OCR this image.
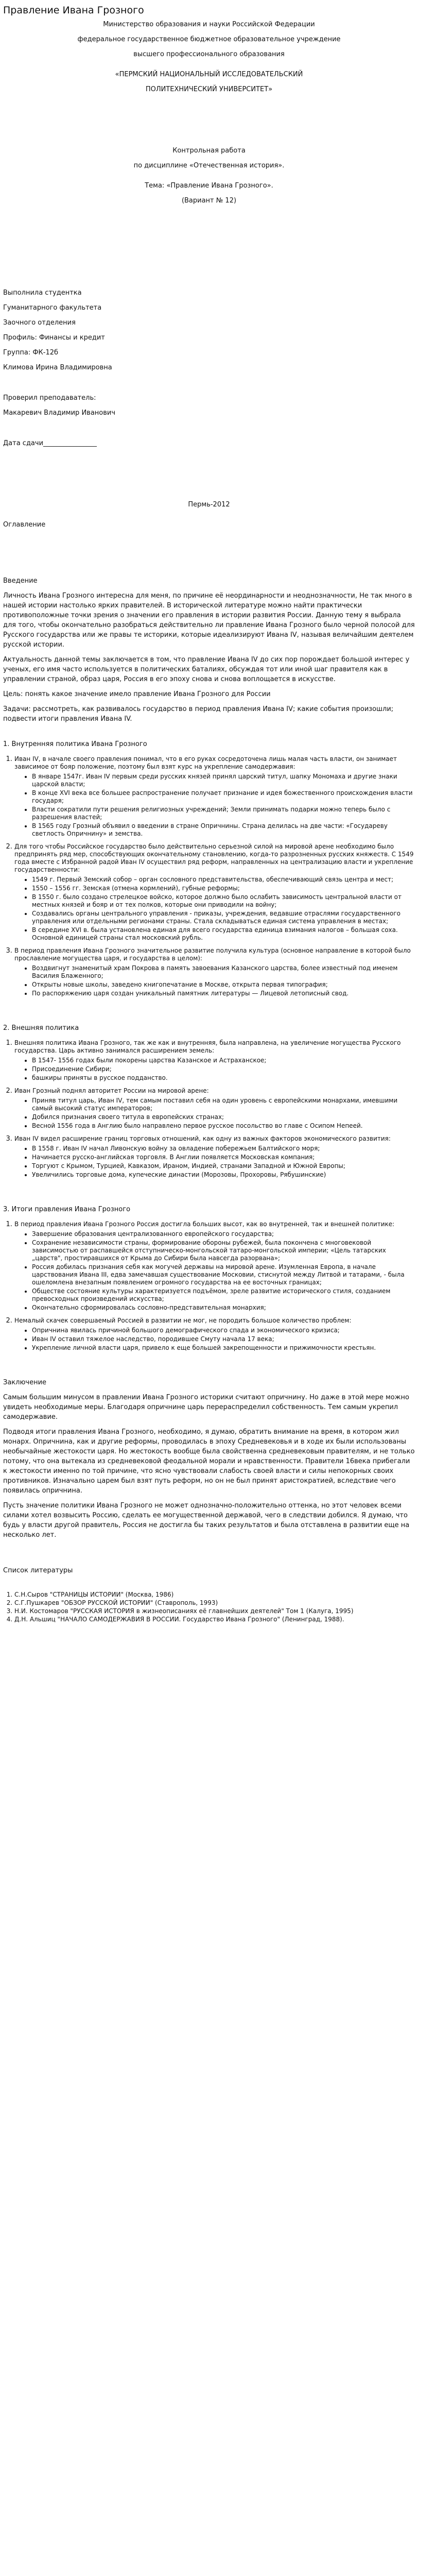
Правление Ивана Грозного
Министерство образования и науки Российской Федерации
федеральное государственное бюджетное образовательное учреждение
высшего профессионального образования
«ПЕРМСКИЙ НАЦИОНАЛЬНЫЙ ИССЛЕДОВАТЕЛЬСКИЙ
ПОЛИТЕХНИЧЕСКИЙ УНИВЕРСИТЕТ»
Контрольная работа
по дисциплине «Отечественная история».
Тема: «Правление Ивана Грозного».
(Вариант № 12)
Выполнила студентка
Гуманитарного факультета
Заочного отделения
Профиль: Финансы и кредит
Группа: ФК-12б
Климова Ирина Владимировна
Проверил преподаватель:
Макаревич Владимир Иванович
Дата сдачи________________
Пермь-2012
Оглавление
Введение

Личность Ивана Грозного интересна для меня, по причине её неординарности и неоднозначности, Не так много в нашей истории настолько ярких правителей. В исторической литературе можно найти практически противоположные точки зрения о значении его правления в истории развития России. Данную тему я выбрала для того, чтобы окончательно разобраться действительно ли правление Ивана Грозного было черной полосой для Русского государства или же правы те историки, которые идеализируют Ивана IV, называя величайшим деятелем русской истории.

Актуальность данной темы заключается в том, что правление Ивана IV до сих пор порождает большой интерес у ученых, его имя часто используется в политических баталиях, обсуждая тот или иной шаг правителя как в управлении страной, образ царя, Россия в его эпоху снова и снова воплощается в искусстве.

Цель: понять какое значение имело правление Ивана Грозного для России

Задачи: рассмотреть, как развивалось государство в период правления Ивана IV; какие события произошли; подвести итоги правления Ивана IV.

1. Внутренняя политика Ивана Грозного
1. Иван IV, в начале своего правления понимал, что в его руках сосредоточена лишь малая часть власти, он занимает зависимое от бояр положение, поэтому был взят курс на укрепление самодержавия:
• В январе 1547г. Иван IV первым среди русских князей принял царский титул, шапку Мономаха и другие знаки царской власти;
• В конце XVI века все большее распространение получает признание и идея божественного происхождения власти государя;
• Власти сократили пути решения религиозных учреждений; Земли принимать подарки можно теперь было с разрешения властей;
• В 1565 году Грозный объявил о введении в стране Опричнины. Страна делилась на две части: «Государеву светлость Опричнину» и земства.
2. Для того чтобы Российское государство было действительно серьезной силой на мировой арене необходимо было предпринять ряд мер, способствующих окончательному становлению, когда-то разрозненных русских княжеств. С 1549 года вместе с Избранной радой Иван IV осуществил ряд реформ, направленных на централизацию власти и укрепление государственности:
• 1549 г. Первый Земский собор – орган сословного представительства, обеспечивающий связь центра и мест;
• 1550 – 1556 гг. Земская (отмена кормлений), губные реформы;
• В 1550 г. было создано стрелецкое войско, которое должно было ослабить зависимость центральной власти от местных князей и бояр и от тех полков, которые они приводили на войну;
• Создавались органы центрального управления - приказы, учреждения, ведавшие отраслями государственного управления или отдельными регионами страны. Стала складываться единая система управления в местах;
• В середине XVI в. была установлена единая для всего государства единица взимания налогов – большая соха. Основной единицей страны стал московский рубль.
3. В период правления Ивана Грозного значительное развитие получила культура (основное направление в которой было прославление могущества царя, и государства в целом):
• Воздвигнут знаменитый храм Покрова в память завоевания Казанского царства, более известный под именем Василия Блаженного;
• Открыты новые школы, заведено книгопечатание в Москве, открыта первая типография;
• По распоряжению царя создан уникальный памятник литературы — Лицевой летописный свод.
2. Внешняя политика
1. Внешняя политика Ивана Грозного, так же как и внутренняя, была направлена, на увеличение могущества Русского государства. Царь активно занимался расширением земель:
• В 1547- 1556 годах были покорены царства Казанское и Астраханское;
• Присоединение Сибири;
• башкиры приняты в русское подданство.
2. Иван Грозный поднял авторитет России на мировой арене:
• Приняв титул царь, Иван IV, тем самым поставил себя на один уровень с европейскими монархами, имевшими самый высокий статус императоров;
• Добился признания своего титула в европейских странах;
• Весной 1556 года в Англию было направлено первое русское посольство во главе с Осипом Непеей.
3. Иван IV видел расширение границ торговых отношений, как одну из важных факторов экономического развития:
• В 1558 г. Иван IV начал Ливонскую войну за овладение побережьем Балтийского моря;
• Начинается русско-английская торговля. В Англии появляется Московская компания;
• Торгуют с Крымом, Турцией, Кавказом, Ираном, Индией, странами Западной и Южной Европы;
• Увеличились торговые дома, купеческие династии (Морозовы, Прохоровы, Рябушинские)
3. Итоги правления Ивана Грозного
1. В период правления Ивана Грозного Россия достигла больших высот, как во внутренней, так и внешней политике:
• Завершение образования централизованного европейского государства;
• Сохранение независимости страны, формирование обороны рубежей, была покончена с многовековой зависимостью от распавшейся отступническо-монгольской татаро-монгольской империи; «Цель татарских „царств", простиравшихся от Крыма до Сибири была навсегда разорвана»;
• Россия добилась признания себя как могучей державы на мировой арене. Изумленная Европа, в начале царствования Ивана III, едва замечавшая существование Московии, стиснутой между Литвой и татарами, - была ошеломлена внезапным появлением огромного государства на ее восточных границах;
• Обществе состояние культуры характеризуется подъёмом, зреле развитие исторического стиля, созданием превосходных произведений искусства;
• Окончательно сформировалась сословно-представительная монархия;
2. Немалый скачек совершаемый Россией в развитии не мог, не породить большое количество проблем:
• Опричнина явилась причиной большого демографического спада и экономического кризиса;
• Иван IV оставил тяжелое наследство, породившее Смуту начала 17 века;
• Укрепление личной власти царя, привело к еще большей закрепощенности и прижимочности крестьян.
Заключение

Самым большим минусом в правлении Ивана Грозного историки считают опричнину. Но даже в этой мере можно увидеть необходимые меры. Благодаря опричнине царь перераспределил собственность. Тем самым укрепил самодержавие.

Подводя итоги правления Ивана Грозного, необходимо, я думаю, обратить внимание на время, в котором жил монарх. Опричнина, как и другие реформы, проводилась в эпоху Средневековья и в ходе их были использованы необычайные жестокости царя. Но жестокость вообще была свойственна средневековым правителям, и не только потому, что она вытекала из средневековой феодальной морали и нравственности. Правители 16века прибегали к жестокости именно по той причине, что ясно чувствовали слабость своей власти и силы непокорных своих противников. Изначально царем был взят путь реформ, но он не был принят аристократией, вследствие чего появилась опричнина.

Пусть значение политики Ивана Грозного не может однозначно-положительно оттенка, но этот человек всеми силами хотел возвысить Россию, сделать ее могущественной державой, чего в следствии добился. Я думаю, что будь у власти другой правитель, Россия не достигла бы таких результатов и была отставлена в развитии еще на несколько лет.

Список литературы
1. С.Н.Сыров "СТРАНИЦЫ ИСТОРИИ" (Москва, 1986)
2. С.Г.Пушкарев "ОБЗОР РУССКОЙ ИСТОРИИ" (Ставрополь, 1993)
3. Н.И. Костомаров "РУССКАЯ ИСТОРИЯ в жизнеописаниях её главнейших деятелей" Том 1 (Калуга, 1995)
4. Д.Н. Альшиц "НАЧАЛО САМОДЕРЖАВИЯ В РОССИИ. Государство Ивана Грозного" (Ленинград, 1988).
